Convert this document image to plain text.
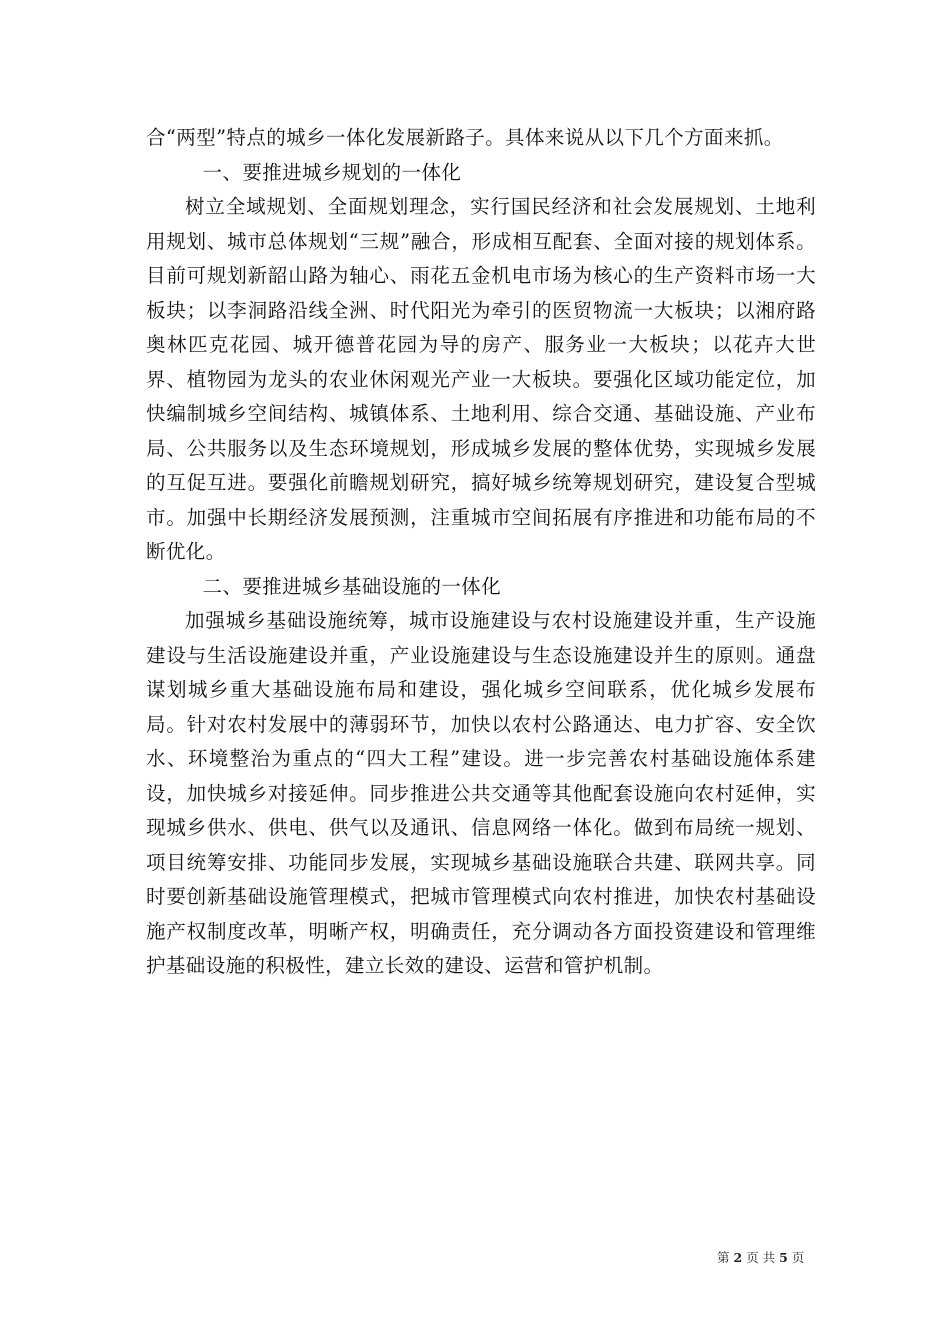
合“两型”特点的城乡一体化发展新路子。具体来说从以下几个方面来抓。

一、要推进城乡规划的一体化

树立全域规划、全面规划理念，实行国民经济和社会发展规划、土地利用规划、城市总体规划“三规”融合，形成相互配套、全面对接的规划体系。目前可规划新韶山路为轴心、雨花五金机电市场为核心的生产资料市场一大板块；以李洞路沿线全洲、时代阳光为牵引的医贸物流一大板块；以湘府路奥林匹克花园、城开德普花园为导的房产、服务业一大板块；以花卉大世界、植物园为龙头的农业休闲观光产业一大板块。要强化区域功能定位，加快编制城乡空间结构、城镇体系、土地利用、综合交通、基础设施、产业布局、公共服务以及生态环境规划，形成城乡发展的整体优势，实现城乡发展的互促互进。要强化前瞻规划研究，搞好城乡统筹规划研究，建设复合型城市。加强中长期经济发展预测，注重城市空间拓展有序推进和功能布局的不断优化。

二、要推进城乡基础设施的一体化

加强城乡基础设施统筹，城市设施建设与农村设施建设并重，生产设施建设与生活设施建设并重，产业设施建设与生态设施建设并生的原则。通盘谋划城乡重大基础设施布局和建设，强化城乡空间联系，优化城乡发展布局。针对农村发展中的薄弱环节，加快以农村公路通达、电力扩容、安全饮水、环境整治为重点的“四大工程”建设。进一步完善农村基础设施体系建设，加快城乡对接延伸。同步推进公共交通等其他配套设施向农村延伸，实现城乡供水、供电、供气以及通讯、信息网络一体化。做到布局统一规划、项目统筹安排、功能同步发展，实现城乡基础设施联合共建、联网共享。同时要创新基础设施管理模式，把城市管理模式向农村推进，加快农村基础设施产权制度改革，明晰产权，明确责任，充分调动各方面投资建设和管理维护基础设施的积极性，建立长效的建设、运营和管护机制。

第 2 页 共 5 页
